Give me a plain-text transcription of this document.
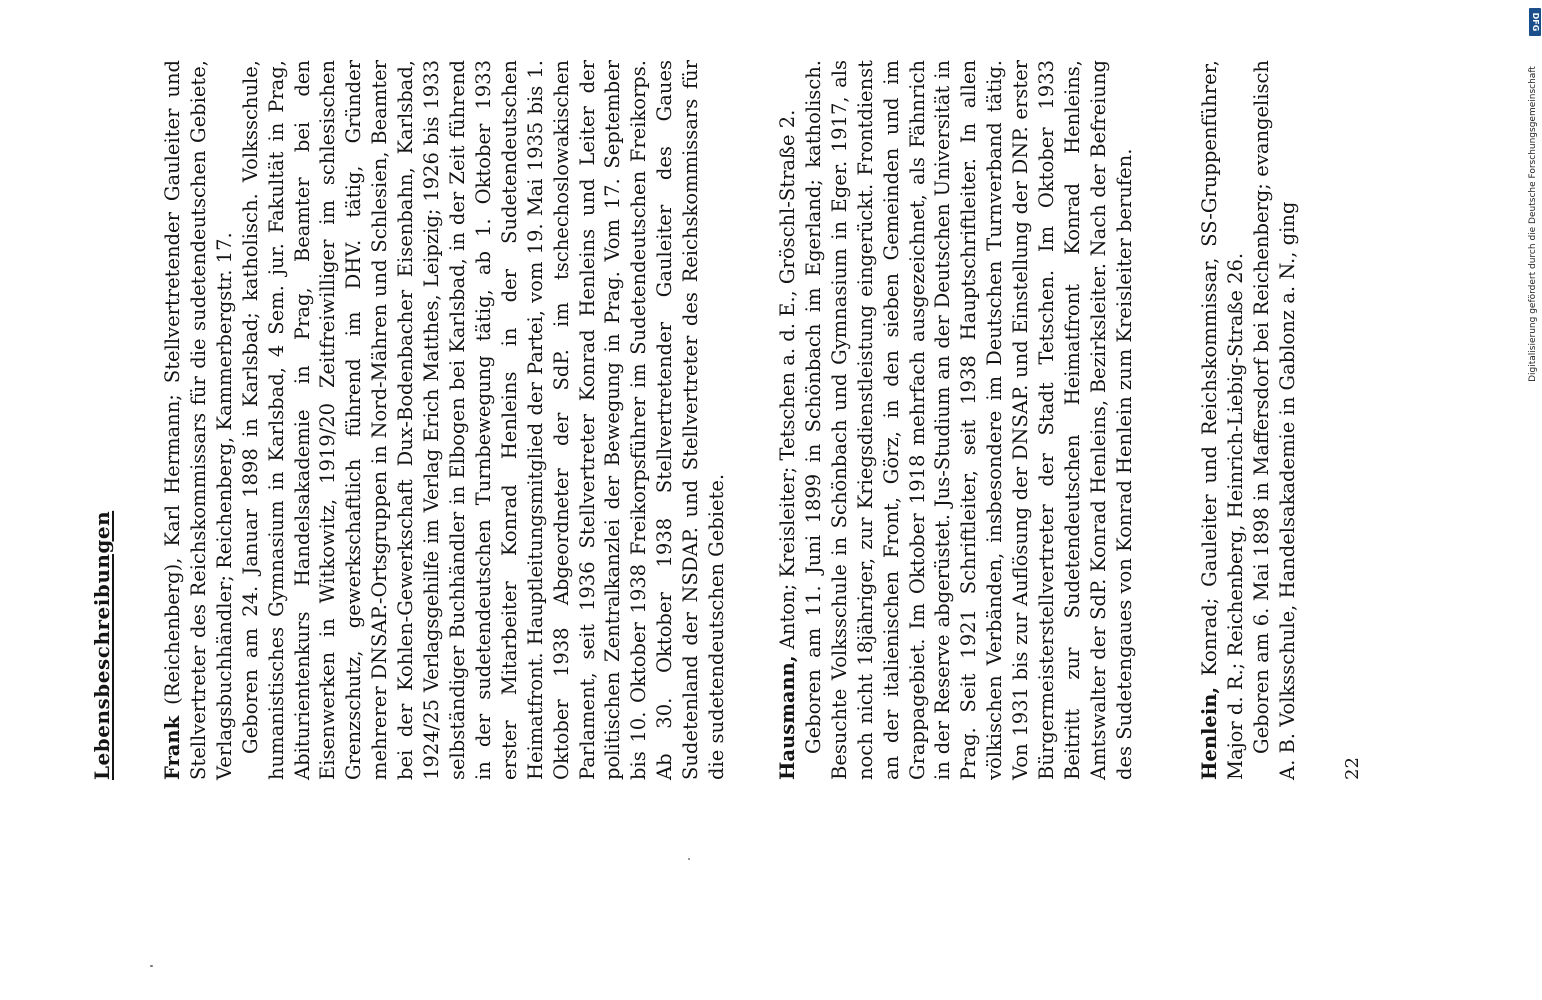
Lebensbeschreibungen Frank (Reichenberg), Karl Hermann; Stellvertretender Gauleiter und Stellvertreter des Reichskommissars für die sudetendeutschen Gebiete, Verlagsbuchhändler; Reichenberg, Kammerbergstr. 17. Geboren am 24. Januar 1898 in Karlsbad; katholisch. Volksschule, humanistisches Gymnasium in Karlsbad, 4 Sem. jur. Fakultät in Prag, Abiturientenkurs Handelsakademie in Prag, Beamter bei den Eisenwerken in Witkowitz, 1919/20 Zeitfreiwilliger im schlesischen Grenzschutz, gewerkschaftlich führend im DHV. tätig, Gründer mehrerer DNSAP.-Ortsgruppen in Nord-Mähren und Schlesien, Beamter bei der Kohlen-Gewerkschaft Dux-Bodenbacher Eisenbahn, Karlsbad, 1924/25 Verlagsgehilfe im Verlag Erich Matthes, Leipzig; 1926 bis 1933 selbständiger Buchhändler in Elbogen bei Karlsbad, in der Zeit führend in der sudetendeutschen Turnbewegung tätig, ab 1. Oktober 1933 erster Mitarbeiter Konrad Henleins in der Sudetendeutschen Heimatfront. Hauptleitungsmitglied der Partei, vom 19. Mai 1935 bis 1. Oktober 1938 Abgeordneter der SdP. im tschechoslowakischen Parlament, seit 1936 Stellvertreter Konrad Henleins und Leiter der politischen Zentralkanzlei der Bewegung in Prag. Vom 17. September bis 10. Oktober 1938 Freikorpsführer im Sudetendeutschen Freikorps. Ab 30. Oktober 1938 Stellvertretender Gauleiter des Gaues Sudetenland der NSDAP. und Stellvertreter des Reichskommissars für die sudetendeutschen Gebiete. Hausmann, Anton; Kreisleiter; Tetschen a. d. E., Gröschl-Straße 2. Geboren am 11. Juni 1899 in Schönbach im Egerland; katholisch. Besuchte Volksschule in Schönbach und Gymnasium in Eger. 1917, als noch nicht 18jähriger, zur Kriegsdienstleistung eingerückt. Frontdienst an der italienischen Front, Görz, in den sieben Gemeinden und im Grappagebiet. Im Oktober 1918 mehrfach ausgezeichnet, als Fähnrich in der Reserve abgerüstet. Jus-Studium an der Deutschen Universität in Prag. Seit 1921 Schriftleiter, seit 1938 Hauptschriftleiter. In allen völkischen Verbänden, insbesondere im Deutschen Turnverband tätig. Von 1931 bis zur Auflösung der DNSAP. und Einstellung der DNP. erster Bürgermeisterstellvertreter der Stadt Tetschen. Im Oktober 1933 Beitritt zur Sudetendeutschen Heimatfront Konrad Henleins, Amtswalter der SdP. Konrad Henleins, Bezirksleiter. Nach der Befreiung des Sudetengaues von Konrad Henlein zum Kreisleiter berufen.	Henlein, Konrad; Gauleiter und Reichskommissar, SS-Gruppenführer, Major d. R.; Reichenberg, Heinrich-Liebig-Straße 26. Geboren am 6. Mai 1898 in Maffersdorf bei Reichenberg; evangelisch A. B. Volksschule, Handelsakademie in Gablonz a. N., ging 22
DFG
Digitalisierung gefördert durch die Deutsche Forschungsgemeinschaft
